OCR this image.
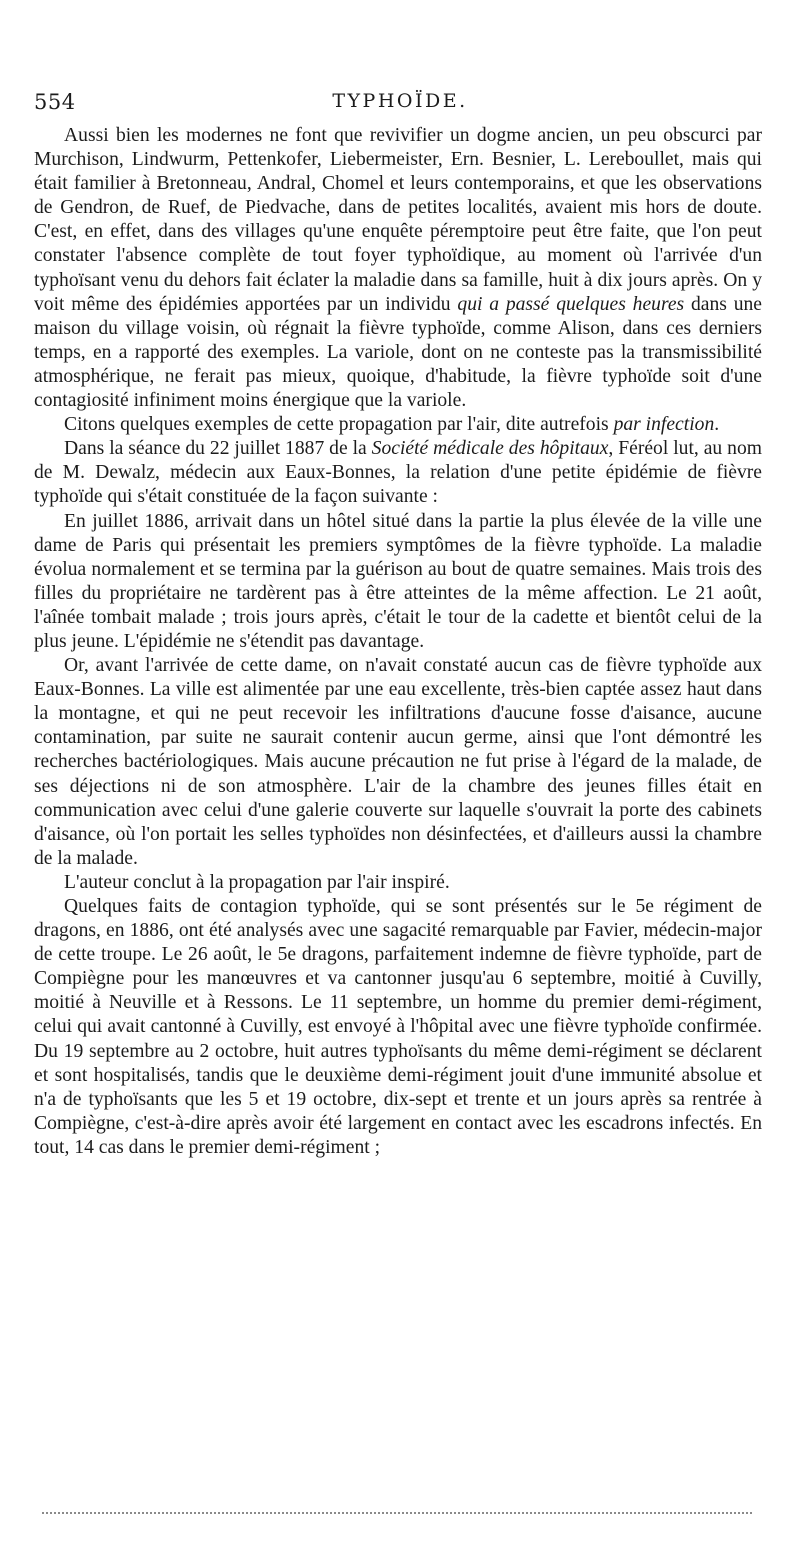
554	TYPHOÏDE.

Aussi bien les modernes ne font que revivifier un dogme ancien, un peu obscurci par Murchison, Lindwurm, Pettenkofer, Liebermeister, Ern. Besnier, L. Lereboullet, mais qui était familier à Bretonneau, Andral, Chomel et leurs contemporains, et que les observations de Gendron, de Ruef, de Piedvache, dans de petites localités, avaient mis hors de doute. C'est, en effet, dans des villages qu'une enquête péremptoire peut être faite, que l'on peut constater l'absence complète de tout foyer typhoïdique, au moment où l'arrivée d'un typhoïsant venu du dehors fait éclater la maladie dans sa famille, huit à dix jours après. On y voit même des épidémies apportées par un individu qui a passé quelques heures dans une maison du village voisin, où régnait la fièvre typhoïde, comme Alison, dans ces derniers temps, en a rapporté des exemples. La variole, dont on ne conteste pas la transmissibilité atmosphérique, ne ferait pas mieux, quoique, d'habitude, la fièvre typhoïde soit d'une contagiosité infiniment moins énergique que la variole.

Citons quelques exemples de cette propagation par l'air, dite autrefois par infection.

Dans la séance du 22 juillet 1887 de la Société médicale des hôpitaux, Féréol lut, au nom de M. Dewalz, médecin aux Eaux-Bonnes, la relation d'une petite épidémie de fièvre typhoïde qui s'était constituée de la façon suivante :

En juillet 1886, arrivait dans un hôtel situé dans la partie la plus élevée de la ville une dame de Paris qui présentait les premiers symptômes de la fièvre typhoïde. La maladie évolua normalement et se termina par la guérison au bout de quatre semaines. Mais trois des filles du propriétaire ne tardèrent pas à être atteintes de la même affection. Le 21 août, l'aînée tombait malade ; trois jours après, c'était le tour de la cadette et bientôt celui de la plus jeune. L'épidémie ne s'étendit pas davantage.

Or, avant l'arrivée de cette dame, on n'avait constaté aucun cas de fièvre typhoïde aux Eaux-Bonnes. La ville est alimentée par une eau excellente, très-bien captée assez haut dans la montagne, et qui ne peut recevoir les infiltrations d'aucune fosse d'aisance, aucune contamination, par suite ne saurait contenir aucun germe, ainsi que l'ont démontré les recherches bactériologiques. Mais aucune précaution ne fut prise à l'égard de la malade, de ses déjections ni de son atmosphère. L'air de la chambre des jeunes filles était en communication avec celui d'une galerie couverte sur laquelle s'ouvrait la porte des cabinets d'aisance, où l'on portait les selles typhoïdes non désinfectées, et d'ailleurs aussi la chambre de la malade.

L'auteur conclut à la propagation par l'air inspiré.

Quelques faits de contagion typhoïde, qui se sont présentés sur le 5e régiment de dragons, en 1886, ont été analysés avec une sagacité remarquable par Favier, médecin-major de cette troupe. Le 26 août, le 5e dragons, parfaitement indemne de fièvre typhoïde, part de Compiègne pour les manœuvres et va cantonner jusqu'au 6 septembre, moitié à Cuvilly, moitié à Neuville et à Ressons. Le 11 septembre, un homme du premier demi-régiment, celui qui avait cantonné à Cuvilly, est envoyé à l'hôpital avec une fièvre typhoïde confirmée. Du 19 septembre au 2 octobre, huit autres typhoïsants du même demi-régiment se déclarent et sont hospitalisés, tandis que le deuxième demi-régiment jouit d'une immunité absolue et n'a de typhoïsants que les 5 et 19 octobre, dix-sept et trente et un jours après sa rentrée à Compiègne, c'est-à-dire après avoir été largement en contact avec les escadrons infectés. En tout, 14 cas dans le premier demi-régiment ;
